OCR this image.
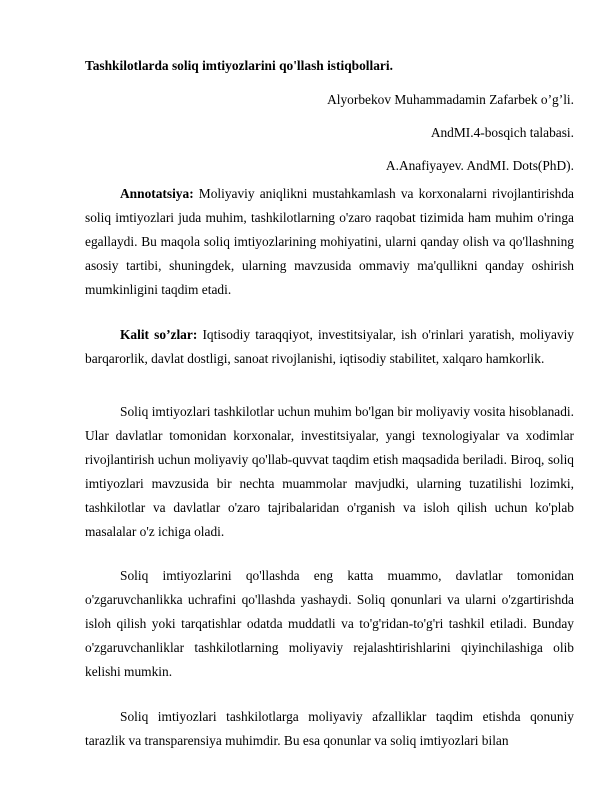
Tashkilotlarda soliq imtiyozlarini qo'llash istiqbollari.
Alyorbekov Muhammadamin Zafarbek o’g’li.
AndMI.4-bosqich talabasi.
A.Anafiyayev. AndMI. Dots(PhD).

Annotatsiya: Moliyaviy aniqlikni mustahkamlash va korxonalarni rivojlantirishda soliq imtiyozlari juda muhim, tashkilotlarning o'zaro raqobat tizimida ham muhim o'ringa egallaydi. Bu maqola soliq imtiyozlarining mohiyatini, ularni qanday olish va qo'llashning asosiy tartibi, shuningdek, ularning mavzusida ommaviy ma'qullikni qanday oshirish mumkinligini taqdim etadi.

Kalit so’zlar: Iqtisodiy taraqqiyot, investitsiyalar, ish o'rinlari yaratish, moliyaviy barqarorlik, davlat dostligi, sanoat rivojlanishi, iqtisodiy stabilitet, xalqaro hamkorlik.

Soliq imtiyozlari tashkilotlar uchun muhim bo'lgan bir moliyaviy vosita hisoblanadi. Ular davlatlar tomonidan korxonalar, investitsiyalar, yangi texnologiyalar va xodimlar rivojlantirish uchun moliyaviy qo'llab-quvvat taqdim etish maqsadida beriladi. Biroq, soliq imtiyozlari mavzusida bir nechta muammolar mavjudki, ularning tuzatilishi lozimki, tashkilotlar va davlatlar o'zaro tajribalaridan o'rganish va isloh qilish uchun ko'plab masalalar o'z ichiga oladi.

Soliq imtiyozlarini qo'llashda eng katta muammo, davlatlar tomonidan o'zgaruvchanlikka uchrafini qo'llashda yashaydi. Soliq qonunlari va ularni o'zgartirishda isloh qilish yoki tarqatishlar odatda muddatli va to'g'ridan-to'g'ri tashkil etiladi. Bunday o'zgaruvchanliklar tashkilotlarning moliyaviy rejalashtirishlarini qiyinchilashiga olib kelishi mumkin.

Soliq imtiyozlari tashkilotlarga moliyaviy afzalliklar taqdim etishda qonuniy tarazlik va transparensiya muhimdir. Bu esa qonunlar va soliq imtiyozlari bilan
